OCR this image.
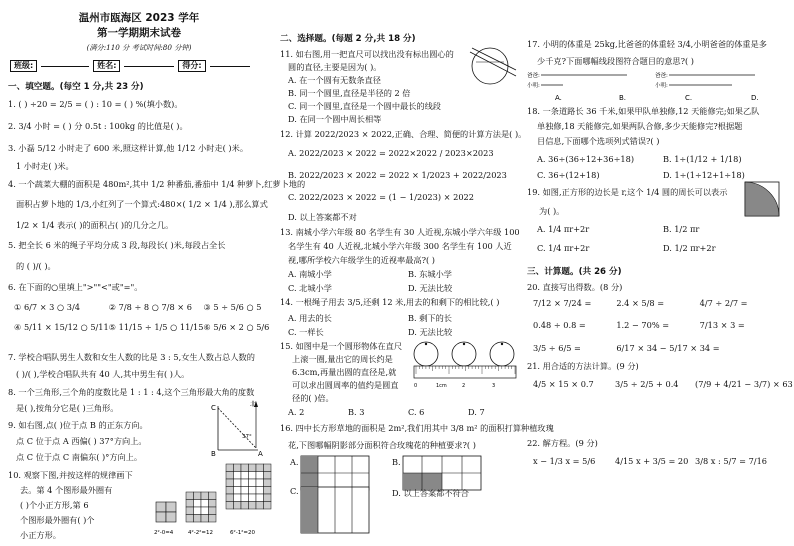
温州市瓯海区 2023 学年
第一学期期末试卷
(满分:110 分 考试时间:80 分钟)
班级:	姓名:	得分:
一、填空题。(每空 1 分,共 23 分)
1. ( ) ÷20 = 2/5 = ( ) : 10 = ( ) %(填小数)。
2. 3/4 小时 = ( ) 分 0.5t : 100kg 的比值是( )。
3. 小磊 5/12 小时走了 600 米,照这样计算,他 1/12 小时走( )米。
1 小时走( )米。
4. 一个蔬菜大棚的面积是 480m²,其中 1/2 种番茄,番茄中 1/4 种萝卜,红萝卜地的
面积占萝卜地的 1/3,小红列了一个算式:480×( 1/2 × 1/4 ),那么算式
1/2 × 1/4 表示( )的面积占( )的几分之几。
5. 把全长 6 米的绳子平均分成 3 段,每段长( )米,每段占全长
的 ( )/( )。
6. 在下面的○里填上">""<"或"="。
① 6/7 × 3 ○ 3/4	② 7/8 ÷ 8 ○ 7/8 × 6	③ 5 ÷ 5/6 ○ 5
④ 5/11 × 15/12 ○ 5/11 ⑤ 11/15 ÷ 1/5 ○ 11/15 ⑥ 5/6 × 2 ○ 5/6
7. 学校合唱队男生人数和女生人数的比是 3 : 5,女生人数占总人数的
( )/( ),学校合唱队共有 40 人,其中男生有( )人。
8. 一个三角形,三个角的度数比是 1 : 1 : 4,这个三角形最大角的度数
是( ),按角分它是( )三角形。
9. 如右图,点( )位于点 B 的正东方向。
点 C 位于点 A 西偏( ) 37°方向上。
点 C 位于点 C 南偏东( )°方向上。
北
C
B	A
37°
10. 观察下图,并按这样的规律画下
去。第 4 个图形最外圈有
( )个小正方形,第 6
个图形最外圈有( )个
小正方形。	2²-0=4	4²-2²=12	6²-1²=20
二、选择题。(每题 2 分,共 18 分)
11. 如右图,用一把直尺可以找出没有标出圆心的
圆的直径,主要是因为( )。
A. 在一个圆有无数条直径
B. 同一个圆里,直径是半径的 2 倍
C. 同一个圆里,直径是一个圆中最长的线段
D. 在同一个圆中周长相等
12. 计算 2022/2023 × 2022,正确、合理、简便的计算方法是( )。
A. 2022/2023 × 2022 = 2022×2022 / 2023×2023
B. 2022/2023 × 2022 = 2022 × 1/2023 + 2022/2023
C. 2022/2023 × 2022 = (1 − 1/2023) × 2022
D. 以上答案都不对
13. 南城小学六年级 80 名学生有 30 人近视,东城小学六年级 100
名学生有 40 人近视,北城小学六年级 300 名学生有 100 人近
视,哪所学校六年级学生的近视率最高?( )
A. 南城小学	B. 东城小学
C. 北城小学	D. 无法比较
14. 一根绳子用去 3/5,还剩 12 米,用去的和剩下的相比较,( )
A. 用去的长	B. 剩下的长
C. 一样长	D. 无法比较
15. 如图中是一个圆形物体在直尺
上滚一圈,量出它的周长约是
6.3cm,再量出圆的直径是,就
可以求出圆周率的值约是圆直
径的( )倍。
0	1cm	2	3
A. 2	B. 3	C. 6	D. 7
16. 四中长方形草地的面积是 2m²,我们用其中 3/8 m² 的面积打算种植玫瑰
花,下图哪幅阴影部分面积符合玫瑰花的种植要求?( )
A.	B.
C.	D. 以上答案都不符合
17. 小明的体重是 25kg,比爸爸的体重轻 3/4,小明爸爸的体重是多
少千克?下面哪幅线段图符合题目的意思?( )
爸爸:
小明:
爸爸:
小明:
A.	B.	C.	D.
18. 一条道路长 36 千米,如果甲队单独修,12 天能修完;如果乙队
单独修,18 天能修完,如果两队合修,多少天能修完?根据题
目信息,下面哪个选项列式错误?( )
A. 36÷(36÷12+36÷18)	B. 1÷(1/12 + 1/18)
C. 36÷(12+18)	D. 1÷(1÷12+1÷18)
19. 如图,正方形的边长是 r,这个 1/4 圆的周长可以表示
为( )。
A. 1/4 πr+2r	B. 1/2 πr
C. 1/4 πr+2r	D. 1/2 πr+2r
三、计算题。(共 26 分)
20. 直接写出得数。(8 分)
7/12 × 7/24 =	2.4 × 5/8 =	4/7 ÷ 2/7 =
0.48 ÷ 0.8 =	1.2 − 70% =	7/13 × 3 =
3/5 ÷ 6/5 =	6/17 × 34 − 5/17 × 34 =
21. 用合适的方法计算。(9 分)
4/5 × 15 × 0.7	3/5 ÷ 2/5 + 0.4 (7/9 + 4/21 − 3/7) × 63
22. 解方程。(9 分)
x − 1/3 x = 5/6 4/15 x + 3/5 = 20 3/8 x : 5/7 = 7/16
